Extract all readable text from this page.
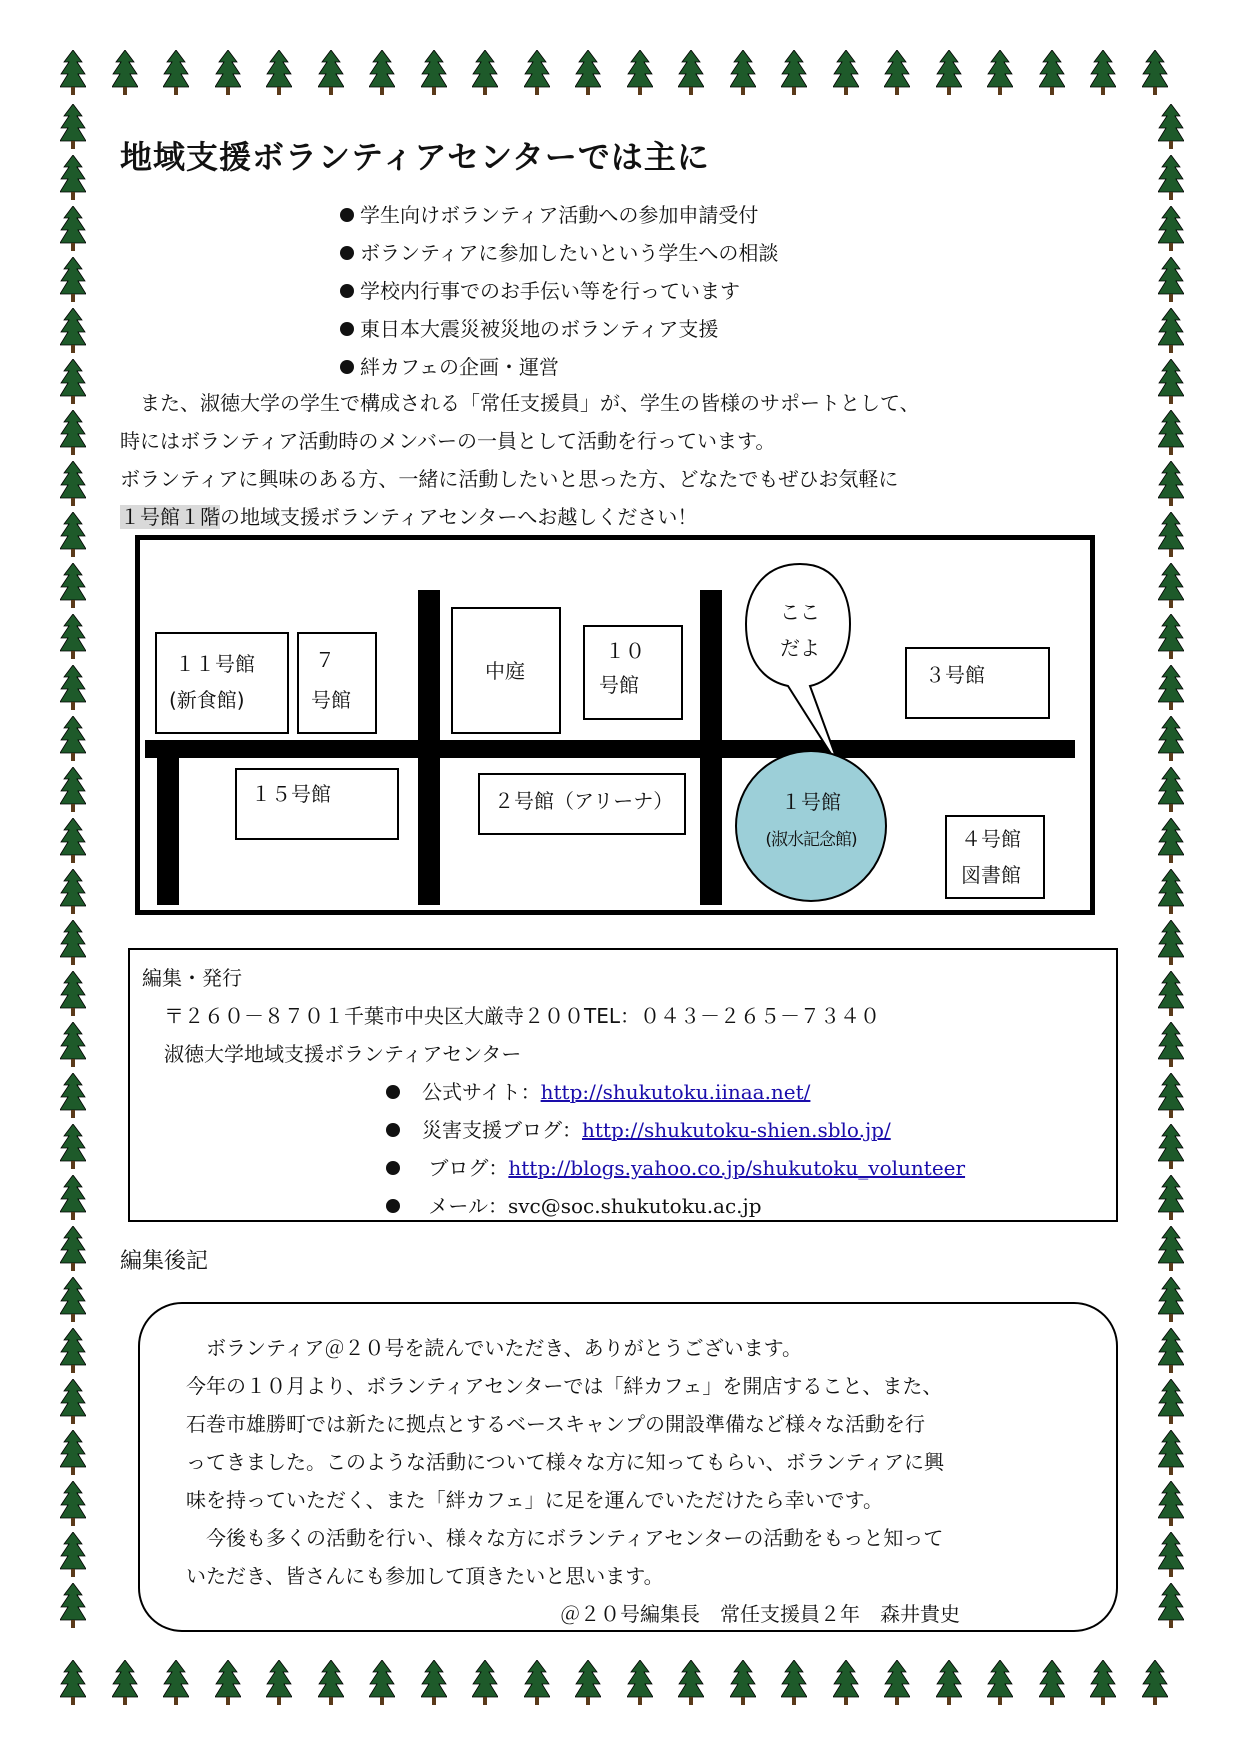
地域支援ボランティアセンターでは主に
学生向けボランティア活動への参加申請受付
ボランティアに参加したいという学生への相談
学校内行事でのお手伝い等を行っています
東日本大震災被災地のボランティア支援
絆カフェの企画・運営

　また、淑徳大学の学生で構成される「常任支援員」が、学生の皆様のサポートとして、

時にはボランティア活動時のメンバーの一員として活動を行っています。

ボランティアに興味のある方、一緒に活動したいと思った方、どなたでもぜひお気軽に

１号館１階の地域支援ボランティアセンターへお越しください！

１１号館
(新食館)
７
号館
中庭
１０
号館	３号館
１５号館	２号館（アリーナ）
４号館
図書館
ここ
だよ
１号館
(淑水記念館)
編集・発行
〒２６０－８７０１千葉市中央区大厳寺２００TEL：０４３－２６５－７３４０
淑徳大学地域支援ボランティアセンター
公式サイト：http://shukutoku.iinaa.net/
災害支援ブログ：http://shukutoku-shien.sblo.jp/
ブログ：http://blogs.yahoo.co.jp/shukutoku_volunteer
メール：svc@soc.shukutoku.ac.jp
編集後記

　ボランティア＠２０号を読んでいただき、ありがとうございます。

今年の１０月より、ボランティアセンターでは「絆カフェ」を開店すること、また、

石巻市雄勝町では新たに拠点とするベースキャンプの開設準備など様々な活動を行

ってきました。このような活動について様々な方に知ってもらい、ボランティアに興

味を持っていただく、また「絆カフェ」に足を運んでいただけたら幸いです。

　今後も多くの活動を行い、様々な方にボランティアセンターの活動をもっと知って

いただき、皆さんにも参加して頂きたいと思います。

＠２０号編集長　常任支援員２年　森井貴史
